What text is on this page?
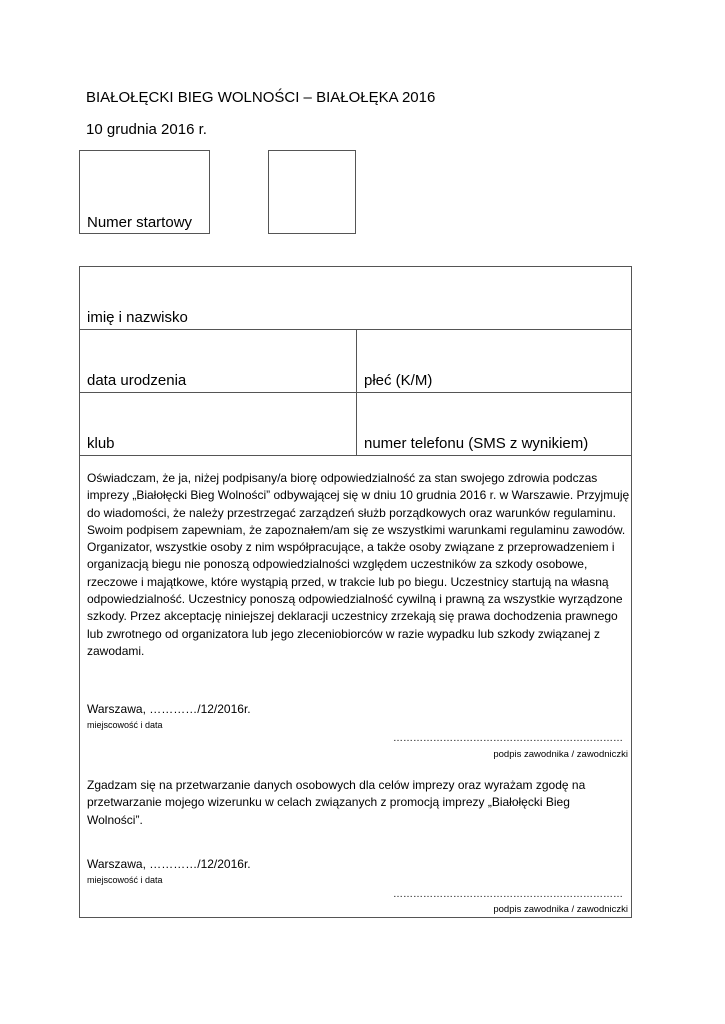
BIAŁOŁĘCKI BIEG WOLNOŚCI – BIAŁOŁĘKA 2016
10 grudnia 2016 r.
Numer startowy
imię i nazwisko
data urodzenia	płeć (K/M)
klub	numer telefonu (SMS z wynikiem)

Oświadczam, że ja, niżej podpisany/a biorę odpowiedzialność za stan swojego zdrowia podczas imprezy „Białołęcki Bieg Wolności” odbywającej się w dniu 10 grudnia 2016 r. w Warszawie. Przyjmuję do wiadomości, że należy przestrzegać zarządzeń służb porządkowych oraz warunków regulaminu. Swoim podpisem zapewniam, że zapoznałem/am się ze wszystkimi warunkami regulaminu zawodów.

Organizator, wszystkie osoby z nim współpracujące, a także osoby związane z przeprowadzeniem i organizacją biegu nie ponoszą odpowiedzialności względem uczestników za szkody osobowe, rzeczowe i majątkowe, które wystąpią przed, w trakcie lub po biegu. Uczestnicy startują na własną odpowiedzialność. Uczestnicy ponoszą odpowiedzialność cywilną i prawną za wszystkie wyrządzone szkody. Przez akceptację niniejszej deklaracji uczestnicy zrzekają się prawa dochodzenia prawnego lub zwrotnego od organizatora lub jego zleceniobiorców w razie wypadku lub szkody związanej z zawodami.

Warszawa, …………/12/2016r.
miejscowość i data
……………………………………………………………
podpis zawodnika / zawodniczki

Zgadzam się na przetwarzanie danych osobowych dla celów imprezy oraz wyrażam zgodę na przetwarzanie mojego wizerunku w celach związanych z promocją imprezy „Białołęcki Bieg Wolności”.

Warszawa, …………/12/2016r.
miejscowość i data
……………………………………………………………
podpis zawodnika / zawodniczki
